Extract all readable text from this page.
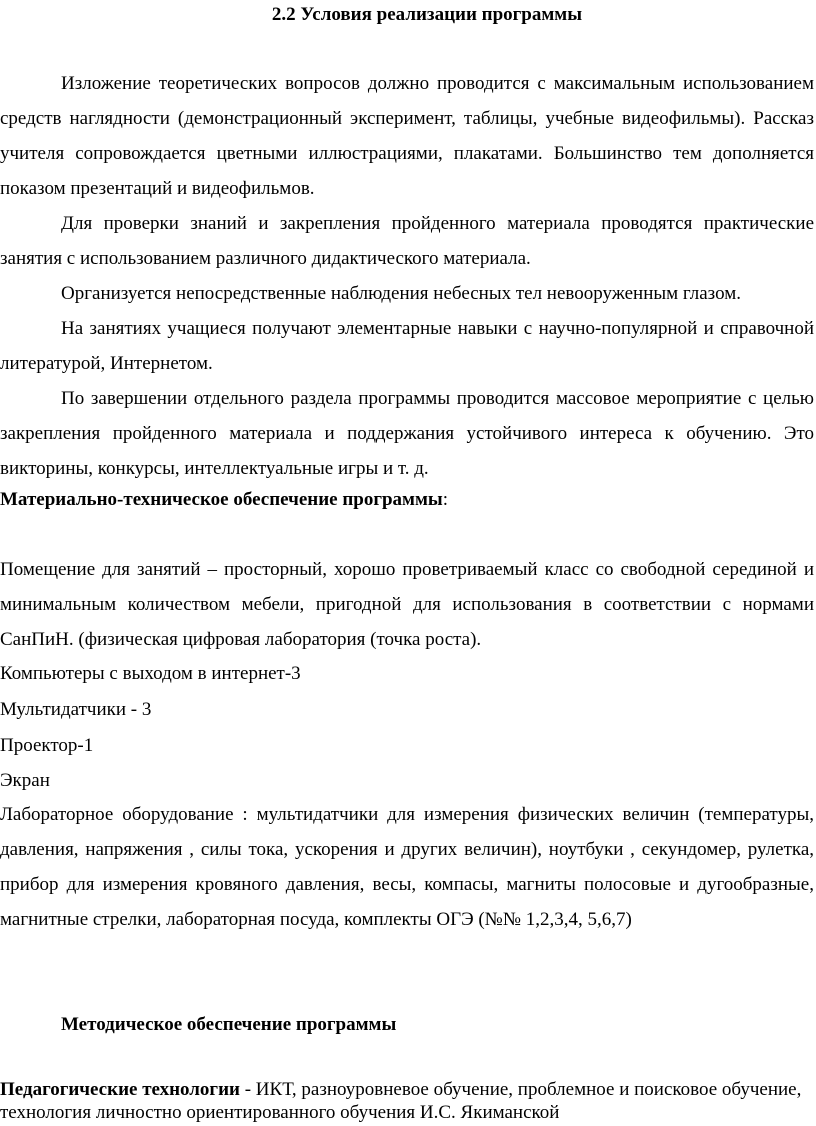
2.2 Условия реализации программы
Изложение теоретических вопросов должно проводится с максимальным использованием средств наглядности (демонстрационный эксперимент, таблицы, учебные видеофильмы). Рассказ учителя сопровождается цветными иллюстрациями, плакатами. Большинство тем дополняется показом презентаций и видеофильмов.
Для проверки знаний и закрепления пройденного материала проводятся практические занятия с использованием различного дидактического материала.
Организуется непосредственные наблюдения небесных тел невооруженным глазом.
На занятиях учащиеся получают элементарные навыки с научно-популярной и справочной литературой, Интернетом.
По завершении отдельного раздела программы проводится массовое мероприятие с целью закрепления пройденного материала и поддержания устойчивого интереса к обучению. Это викторины, конкурсы, интеллектуальные игры и т. д.
Материально-техническое обеспечение программы:
Помещение для занятий – просторный, хорошо проветриваемый класс со свободной серединой и минимальным количеством мебели, пригодной для использования в соответствии с нормами СанПиН. (физическая цифровая лаборатория (точка роста).
Компьютеры с выходом в интернет-3
Мультидатчики - 3
Проектор-1
Экран
Лабораторное оборудование : мультидатчики для измерения физических величин (температуры, давления, напряжения , силы тока, ускорения и других величин), ноутбуки , секундомер, рулетка, прибор для измерения кровяного давления, весы, компасы, магниты полосовые и дугообразные, магнитные стрелки, лабораторная посуда, комплекты ОГЭ (№№ 1,2,3,4, 5,6,7)
Методическое обеспечение программы
Педагогические технологии - ИКТ, разноуровневое обучение, проблемное и поисковое обучение, технология личностно ориентированного обучения И.С. Якиманской
